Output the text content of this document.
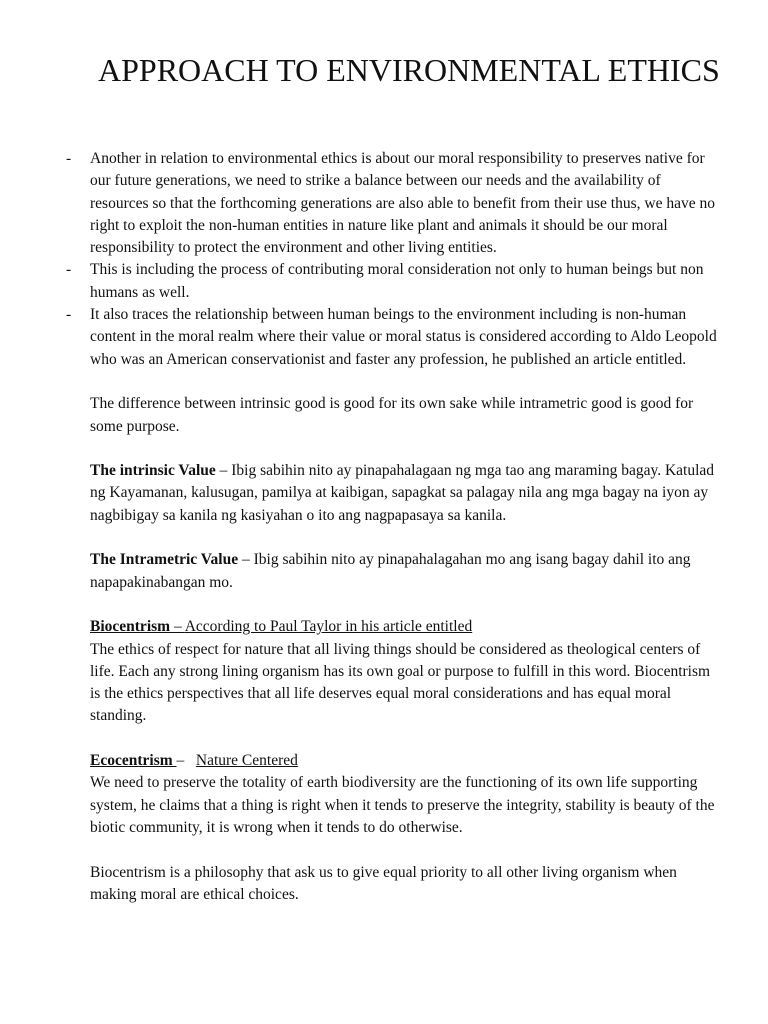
APPROACH TO ENVIRONMENTAL ETHICS
- Another in relation to environmental ethics is about our moral responsibility to preserves native for our future generations, we need to strike a balance between our needs and the availability of resources so that the forthcoming generations are also able to benefit from their use thus, we have no right to exploit the non-human entities in nature like plant and animals it should be our moral responsibility to protect the environment and other living entities.
- This is including the process of contributing moral consideration not only to human beings but non humans as well.
- It also traces the relationship between human beings to the environment including is non-human content in the moral realm where their value or moral status is considered according to Aldo Leopold who was an American conservationist and faster any profession, he published an article entitled.

The difference between intrinsic good is good for its own sake while intrametric good is good for some purpose.

The intrinsic Value – Ibig sabihin nito ay pinapahalagaan ng mga tao ang maraming bagay. Katulad ng Kayamanan, kalusugan, pamilya at kaibigan, sapagkat sa palagay nila ang mga bagay na iyon ay nagbibigay sa kanila ng kasiyahan o ito ang nagpapasaya sa kanila.

The Intrametric Value – Ibig sabihin nito ay pinapahalagahan mo ang isang bagay dahil ito ang napapakinabangan mo.

Biocentrism – According to Paul Taylor in his article entitled

The ethics of respect for nature that all living things should be considered as theological centers of life. Each any strong lining organism has its own goal or purpose to fulfill in this word. Biocentrism is the ethics perspectives that all life deserves equal moral considerations and has equal moral standing.

Ecocentrism –   Nature Centered

We need to preserve the totality of earth biodiversity are the functioning of its own life supporting system, he claims that a thing is right when it tends to preserve the integrity, stability is beauty of the biotic community, it is wrong when it tends to do otherwise.

Biocentrism is a philosophy that ask us to give equal priority to all other living organism when making moral are ethical choices.
